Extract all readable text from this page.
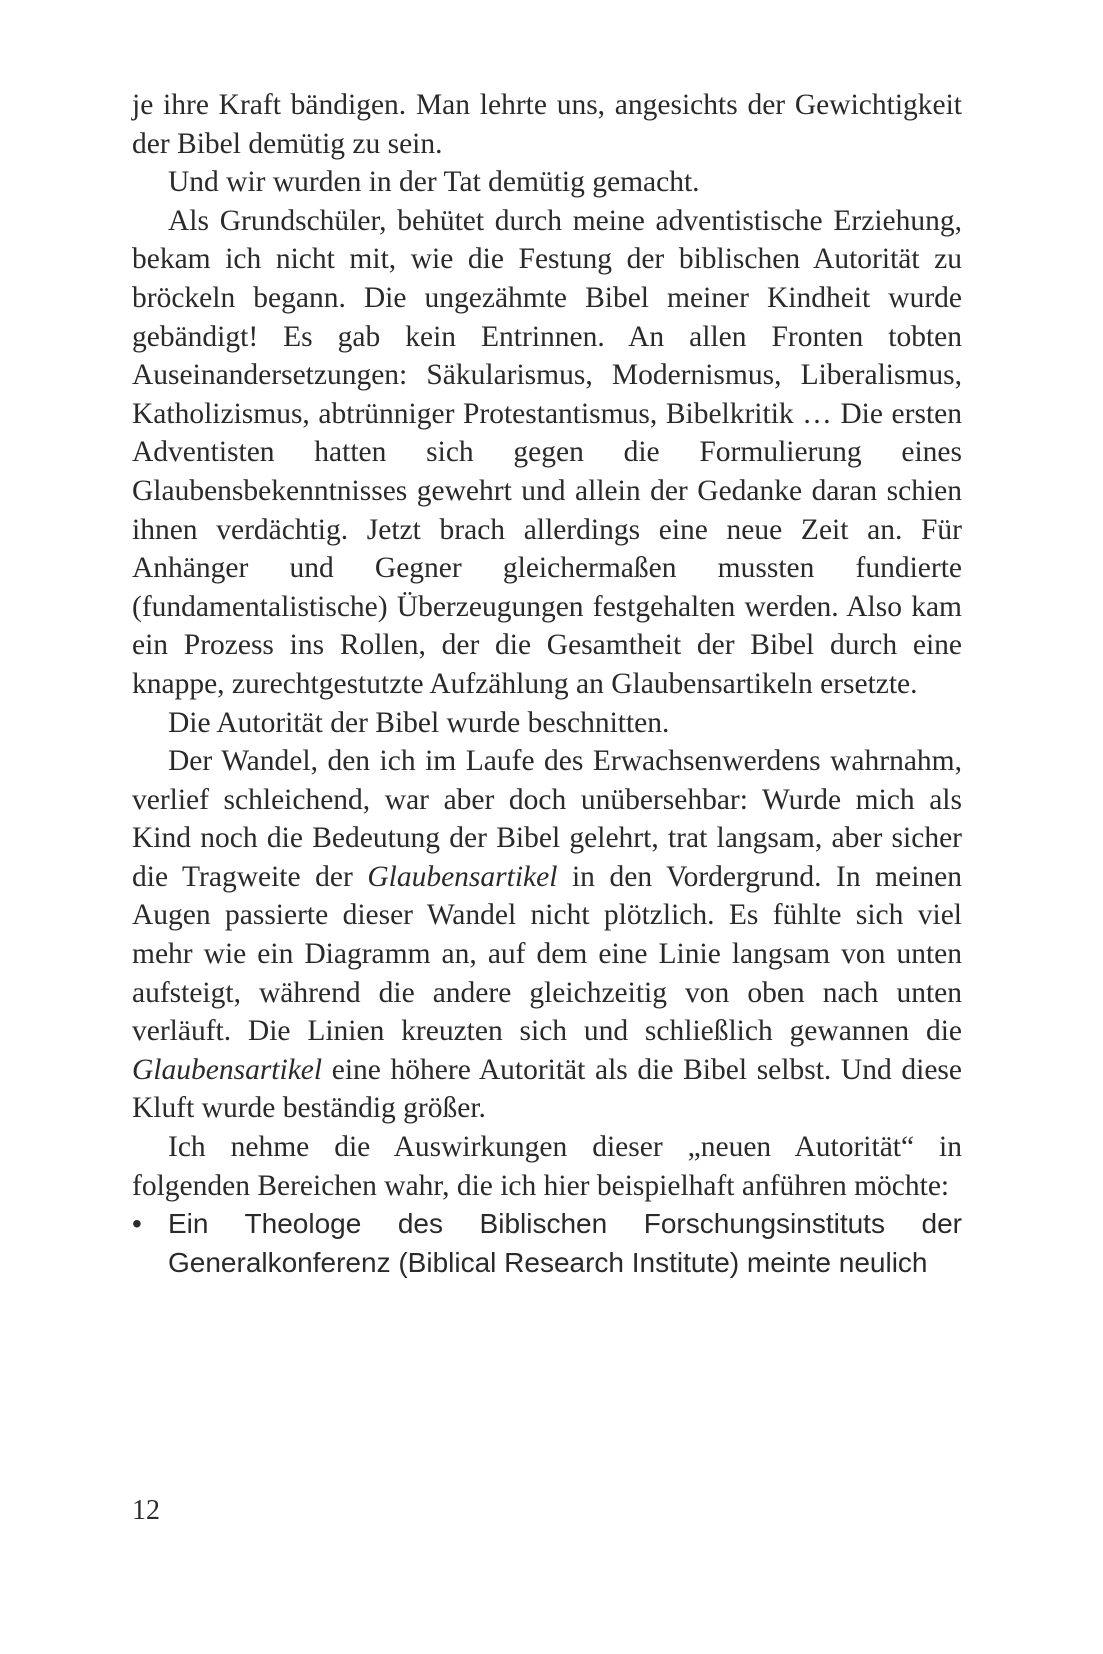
je ihre Kraft bändigen. Man lehrte uns, angesichts der Gewichtigkeit der Bibel demütig zu sein.

Und wir wurden in der Tat demütig gemacht.

Als Grundschüler, behütet durch meine adventistische Erziehung, bekam ich nicht mit, wie die Festung der biblischen Autorität zu bröckeln begann. Die ungezähmte Bibel meiner Kindheit wurde gebändigt! Es gab kein Entrinnen. An allen Fronten tobten Auseinandersetzungen: Säkularismus, Modernismus, Liberalismus, Katholizismus, abtrünniger Protestantismus, Bibelkritik … Die ersten Adventisten hatten sich gegen die Formulierung eines Glaubensbekenntnisses gewehrt und allein der Gedanke daran schien ihnen verdächtig. Jetzt brach allerdings eine neue Zeit an. Für Anhänger und Gegner gleichermaßen mussten fundierte (fundamentalistische) Überzeugungen festgehalten werden. Also kam ein Prozess ins Rollen, der die Gesamtheit der Bibel durch eine knappe, zurechtgestutzte Aufzählung an Glaubensartikeln ersetzte.

Die Autorität der Bibel wurde beschnitten.

Der Wandel, den ich im Laufe des Erwachsenwerdens wahrnahm, verlief schleichend, war aber doch unübersehbar: Wurde mich als Kind noch die Bedeutung der Bibel gelehrt, trat langsam, aber sicher die Tragweite der Glaubensartikel in den Vordergrund. In meinen Augen passierte dieser Wandel nicht plötzlich. Es fühlte sich viel mehr wie ein Diagramm an, auf dem eine Linie langsam von unten aufsteigt, während die andere gleichzeitig von oben nach unten verläuft. Die Linien kreuzten sich und schließlich gewannen die Glaubensartikel eine höhere Autorität als die Bibel selbst. Und diese Kluft wurde beständig größer.

Ich nehme die Auswirkungen dieser „neuen Autorität“ in folgenden Bereichen wahr, die ich hier beispielhaft anführen möchte:

• Ein Theologe des Biblischen Forschungsinstituts der Generalkonferenz (Biblical Research Institute) meinte neulich
12
